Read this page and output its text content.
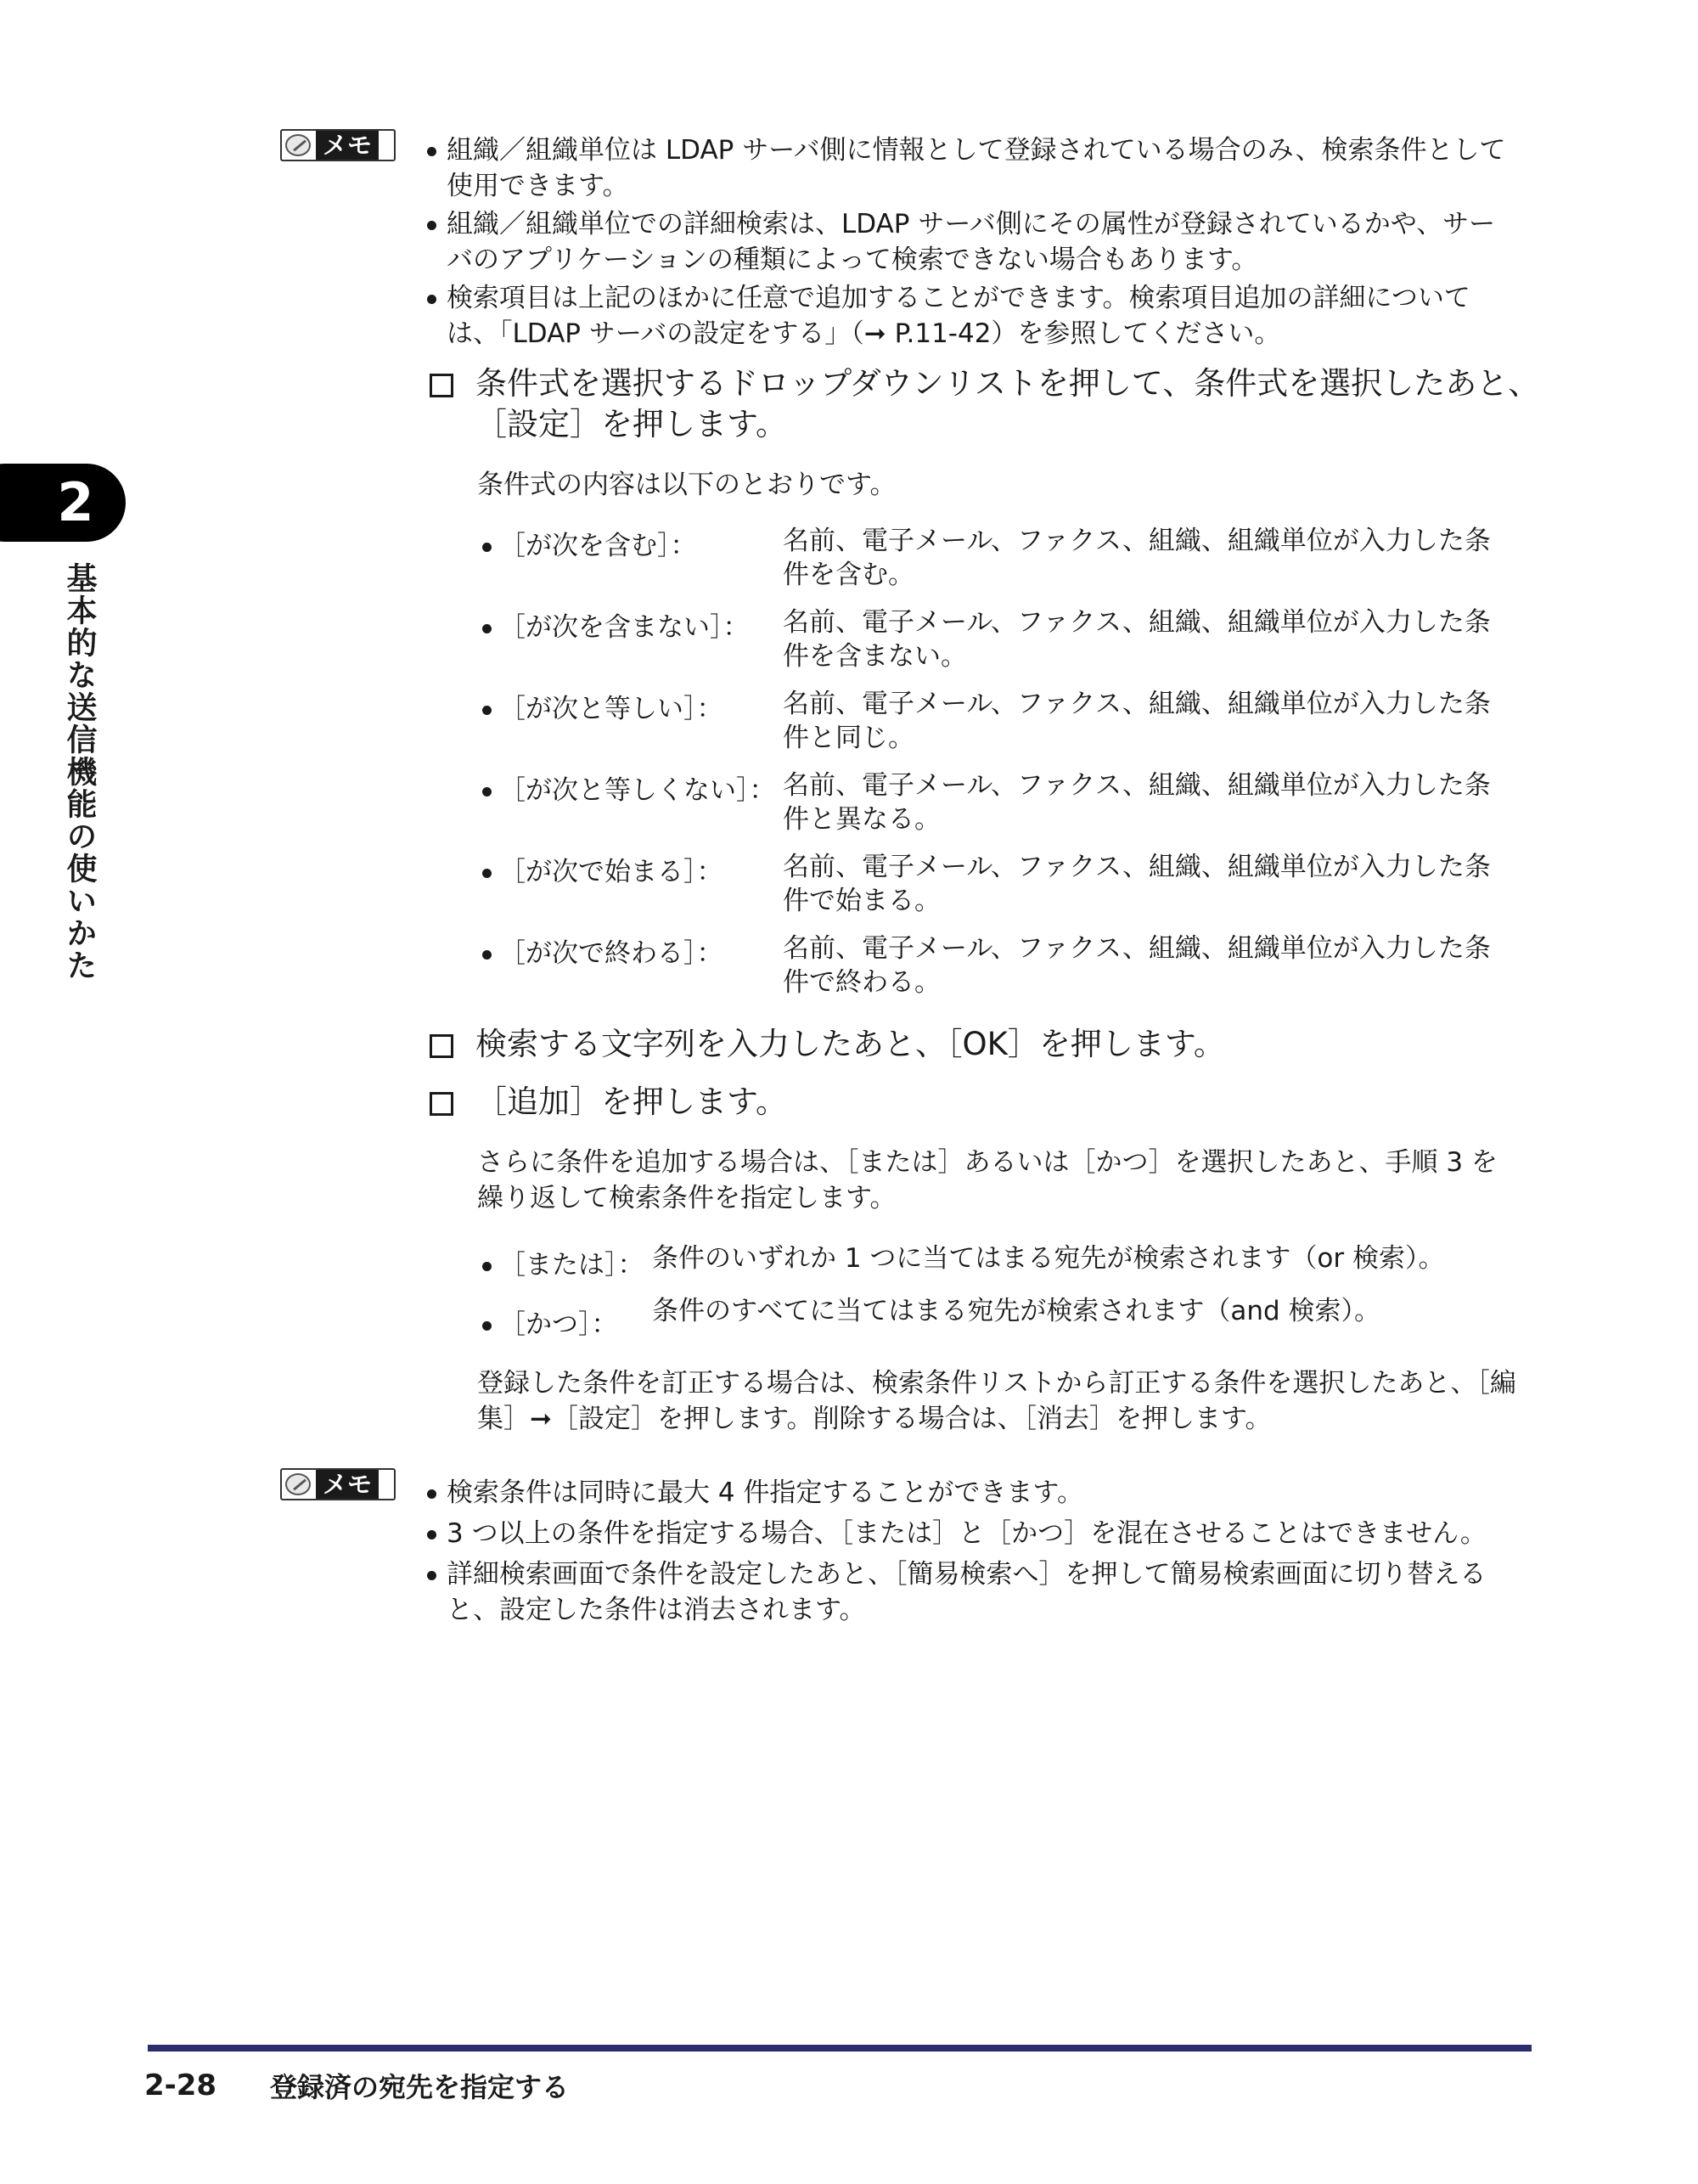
2
基本的な送信機能の使いかた
メモ	組織／組織単位は LDAP サーバ側に情報として登録されている場合のみ、検索条件として
使用できます。
組織／組織単位での詳細検索は、LDAP サーバ側にその属性が登録されているかや、サー
バのアプリケーションの種類によって検索できない場合もあります。
検索項目は上記のほかに任意で追加することができます。検索項目追加の詳細について
は、「LDAP サーバの設定をする」（➞ P.11-42）を参照してください。
条件式を選択するドロップダウンリストを押して、条件式を選択したあと、
［設定］を押します。
条件式の内容は以下のとおりです。
［が次を含む］：	名前、電子メール、ファクス、組織、組織単位が入力した条
件を含む。
［が次を含まない］： 名前、電子メール、ファクス、組織、組織単位が入力した条
件を含まない。
［が次と等しい］： 名前、電子メール、ファクス、組織、組織単位が入力した条
件と同じ。
［が次と等しくない］： 名前、電子メール、ファクス、組織、組織単位が入力した条
件と異なる。
［が次で始まる］： 名前、電子メール、ファクス、組織、組織単位が入力した条
件で始まる。
［が次で終わる］： 名前、電子メール、ファクス、組織、組織単位が入力した条
件で終わる。
検索する文字列を入力したあと、［OK］を押します。
［追加］を押します。
さらに条件を追加する場合は、［または］あるいは［かつ］を選択したあと、手順 3 を
繰り返して検索条件を指定します。
［または］： 条件のいずれか 1 つに当てはまる宛先が検索されます（or 検索）。
［かつ］： 条件のすべてに当てはまる宛先が検索されます（and 検索）。
登録した条件を訂正する場合は、検索条件リストから訂正する条件を選択したあと、［編
集］➞［設定］を押します。削除する場合は、［消去］を押します。
メモ	検索条件は同時に最大 4 件指定することができます。
3 つ以上の条件を指定する場合、［または］と［かつ］を混在させることはできません。
詳細検索画面で条件を設定したあと、［簡易検索へ］を押して簡易検索画面に切り替える
と、設定した条件は消去されます。
2-28 登録済の宛先を指定する
